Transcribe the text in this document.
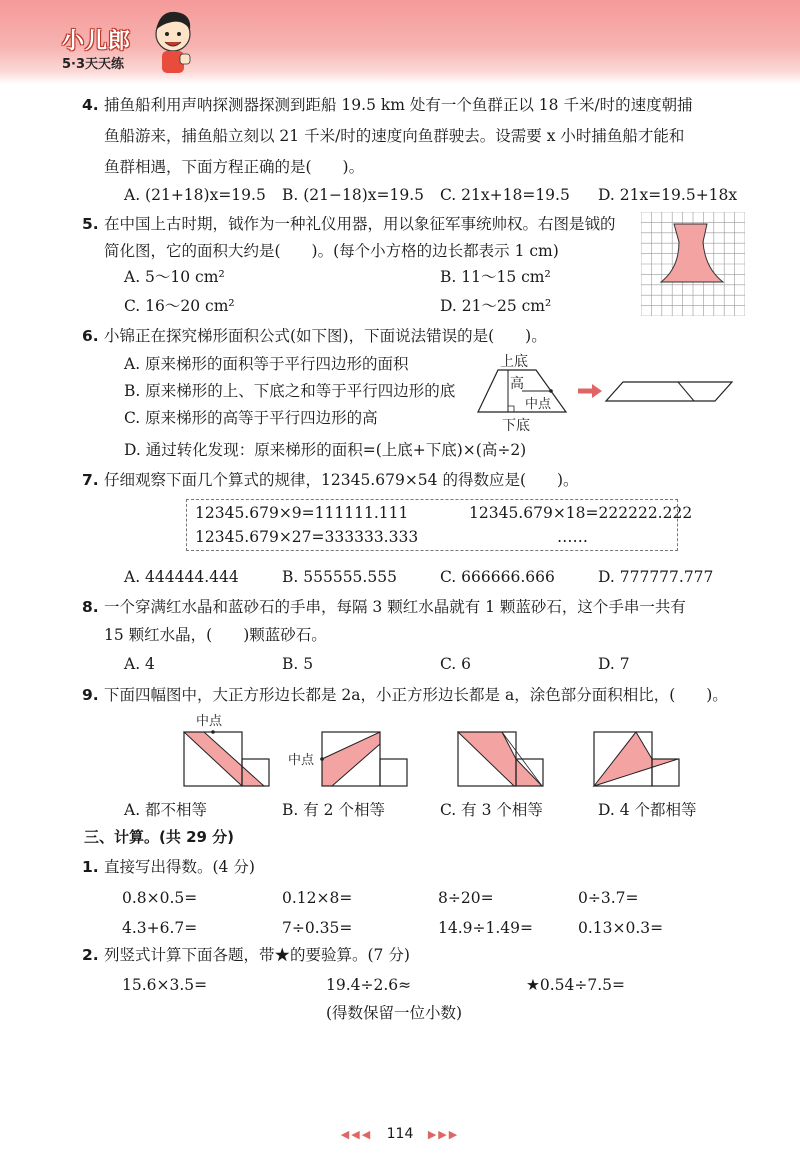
小儿郎
5·3天天练
4. 捕鱼船利用声呐探测器探测到距船 19.5 km 处有一个鱼群正以 18 千米/时的速度朝捕
鱼船游来，捕鱼船立刻以 21 千米/时的速度向鱼群驶去。设需要 x 小时捕鱼船才能和
鱼群相遇，下面方程正确的是(　　)。
A. (21+18)x=19.5 B. (21−18)x=19.5 C. 21x+18=19.5 D. 21x=19.5+18x
5. 在中国上古时期，钺作为一种礼仪用器，用以象征军事统帅权。右图是钺的
简化图，它的面积大约是(　　)。(每个小方格的边长都表示 1 cm)
A. 5～10 cm²	B. 11～15 cm²
C. 16～20 cm²	D. 21～25 cm²
6. 小锦正在探究梯形面积公式(如下图)，下面说法错误的是(　　)。
A. 原来梯形的面积等于平行四边形的面积
B. 原来梯形的上、下底之和等于平行四边形的底
C. 原来梯形的高等于平行四边形的高
D. 通过转化发现：原来梯形的面积=(上底+下底)×(高÷2)
上底
高
中点
下底
7. 仔细观察下面几个算式的规律，12345.679×54 的得数应是(　　)。
A. 444444.444	B. 555555.555	C. 666666.666	D. 777777.777
12345.679×9=111111.111	12345.679×18=222222.222
12345.679×27=333333.333	……
8. 一个穿满红水晶和蓝砂石的手串，每隔 3 颗红水晶就有 1 颗蓝砂石，这个手串一共有
15 颗红水晶，(　　)颗蓝砂石。
A. 4	B. 5	C. 6	D. 7
9. 下面四幅图中，大正方形边长都是 2a，小正方形边长都是 a，涂色部分面积相比，(　　)。
A. 都不相等	B. 有 2 个相等	C. 有 3 个相等	D. 4 个都相等
中点
中点
三、计算。(共 29 分)
1. 直接写出得数。(4 分)
0.8×0.5=	0.12×8=	8÷20=	0÷3.7=
4.3+6.7=	7÷0.35=	14.9÷1.49=	0.13×0.3=
2. 列竖式计算下面各题，带★的要验算。(7 分)
15.6×3.5=	19.4÷2.6≈	★0.54÷7.5=
(得数保留一位小数)
◀◀◀ 114 ▶▶▶
